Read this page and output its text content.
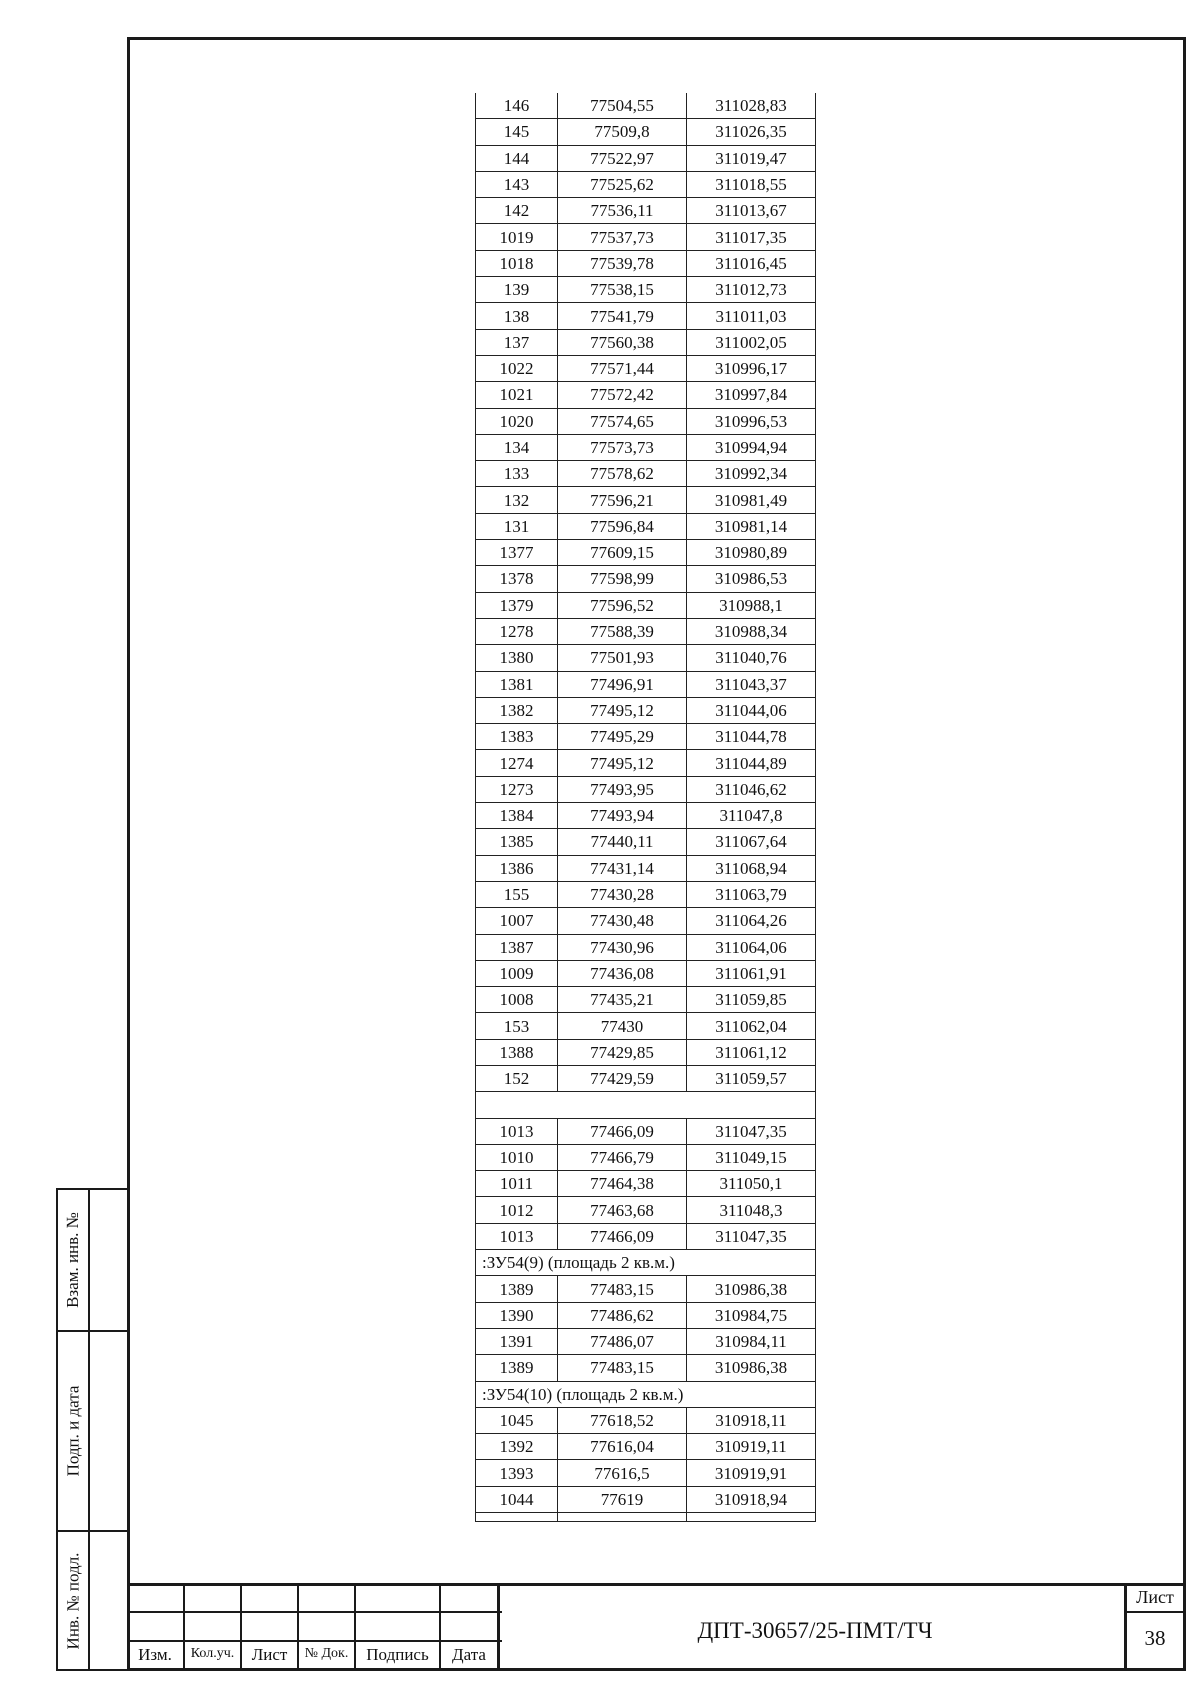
Взам. инв. №
Подп. и дата
Инв. № подл.
146	77504,55	311028,83
145	77509,8	311026,35
144	77522,97	311019,47
143	77525,62	311018,55
142	77536,11	311013,67
1019	77537,73	311017,35
1018	77539,78	311016,45
139	77538,15	311012,73
138	77541,79	311011,03
137	77560,38	311002,05
1022	77571,44	310996,17
1021	77572,42	310997,84
1020	77574,65	310996,53
134	77573,73	310994,94
133	77578,62	310992,34
132	77596,21	310981,49
131	77596,84	310981,14
1377	77609,15	310980,89
1378	77598,99	310986,53
1379	77596,52	310988,1
1278	77588,39	310988,34
1380	77501,93	311040,76
1381	77496,91	311043,37
1382	77495,12	311044,06
1383	77495,29	311044,78
1274	77495,12	311044,89
1273	77493,95	311046,62
1384	77493,94	311047,8
1385	77440,11	311067,64
1386	77431,14	311068,94
155	77430,28	311063,79
1007	77430,48	311064,26
1387	77430,96	311064,06
1009	77436,08	311061,91
1008	77435,21	311059,85
153	77430	311062,04
1388	77429,85	311061,12
152	77429,59	311059,57

1013	77466,09	311047,35
1010	77466,79	311049,15
1011	77464,38	311050,1
1012	77463,68	311048,3
1013	77466,09	311047,35
:ЗУ54(9) (площадь 2 кв.м.)		
1389	77483,15	310986,38
1390	77486,62	310984,75
1391	77486,07	310984,11
1389	77483,15	310986,38
:ЗУ54(10) (площадь 2 кв.м.)		
1045	77618,52	310918,11
1392	77616,04	310919,11
1393	77616,5	310919,91
1044	77619	310918,94

Изм.	Кол.уч.	Лист	№ Док.	Подпись	Дата
ДПТ-30657/25-ПМТ/ТЧ
Лист
38
